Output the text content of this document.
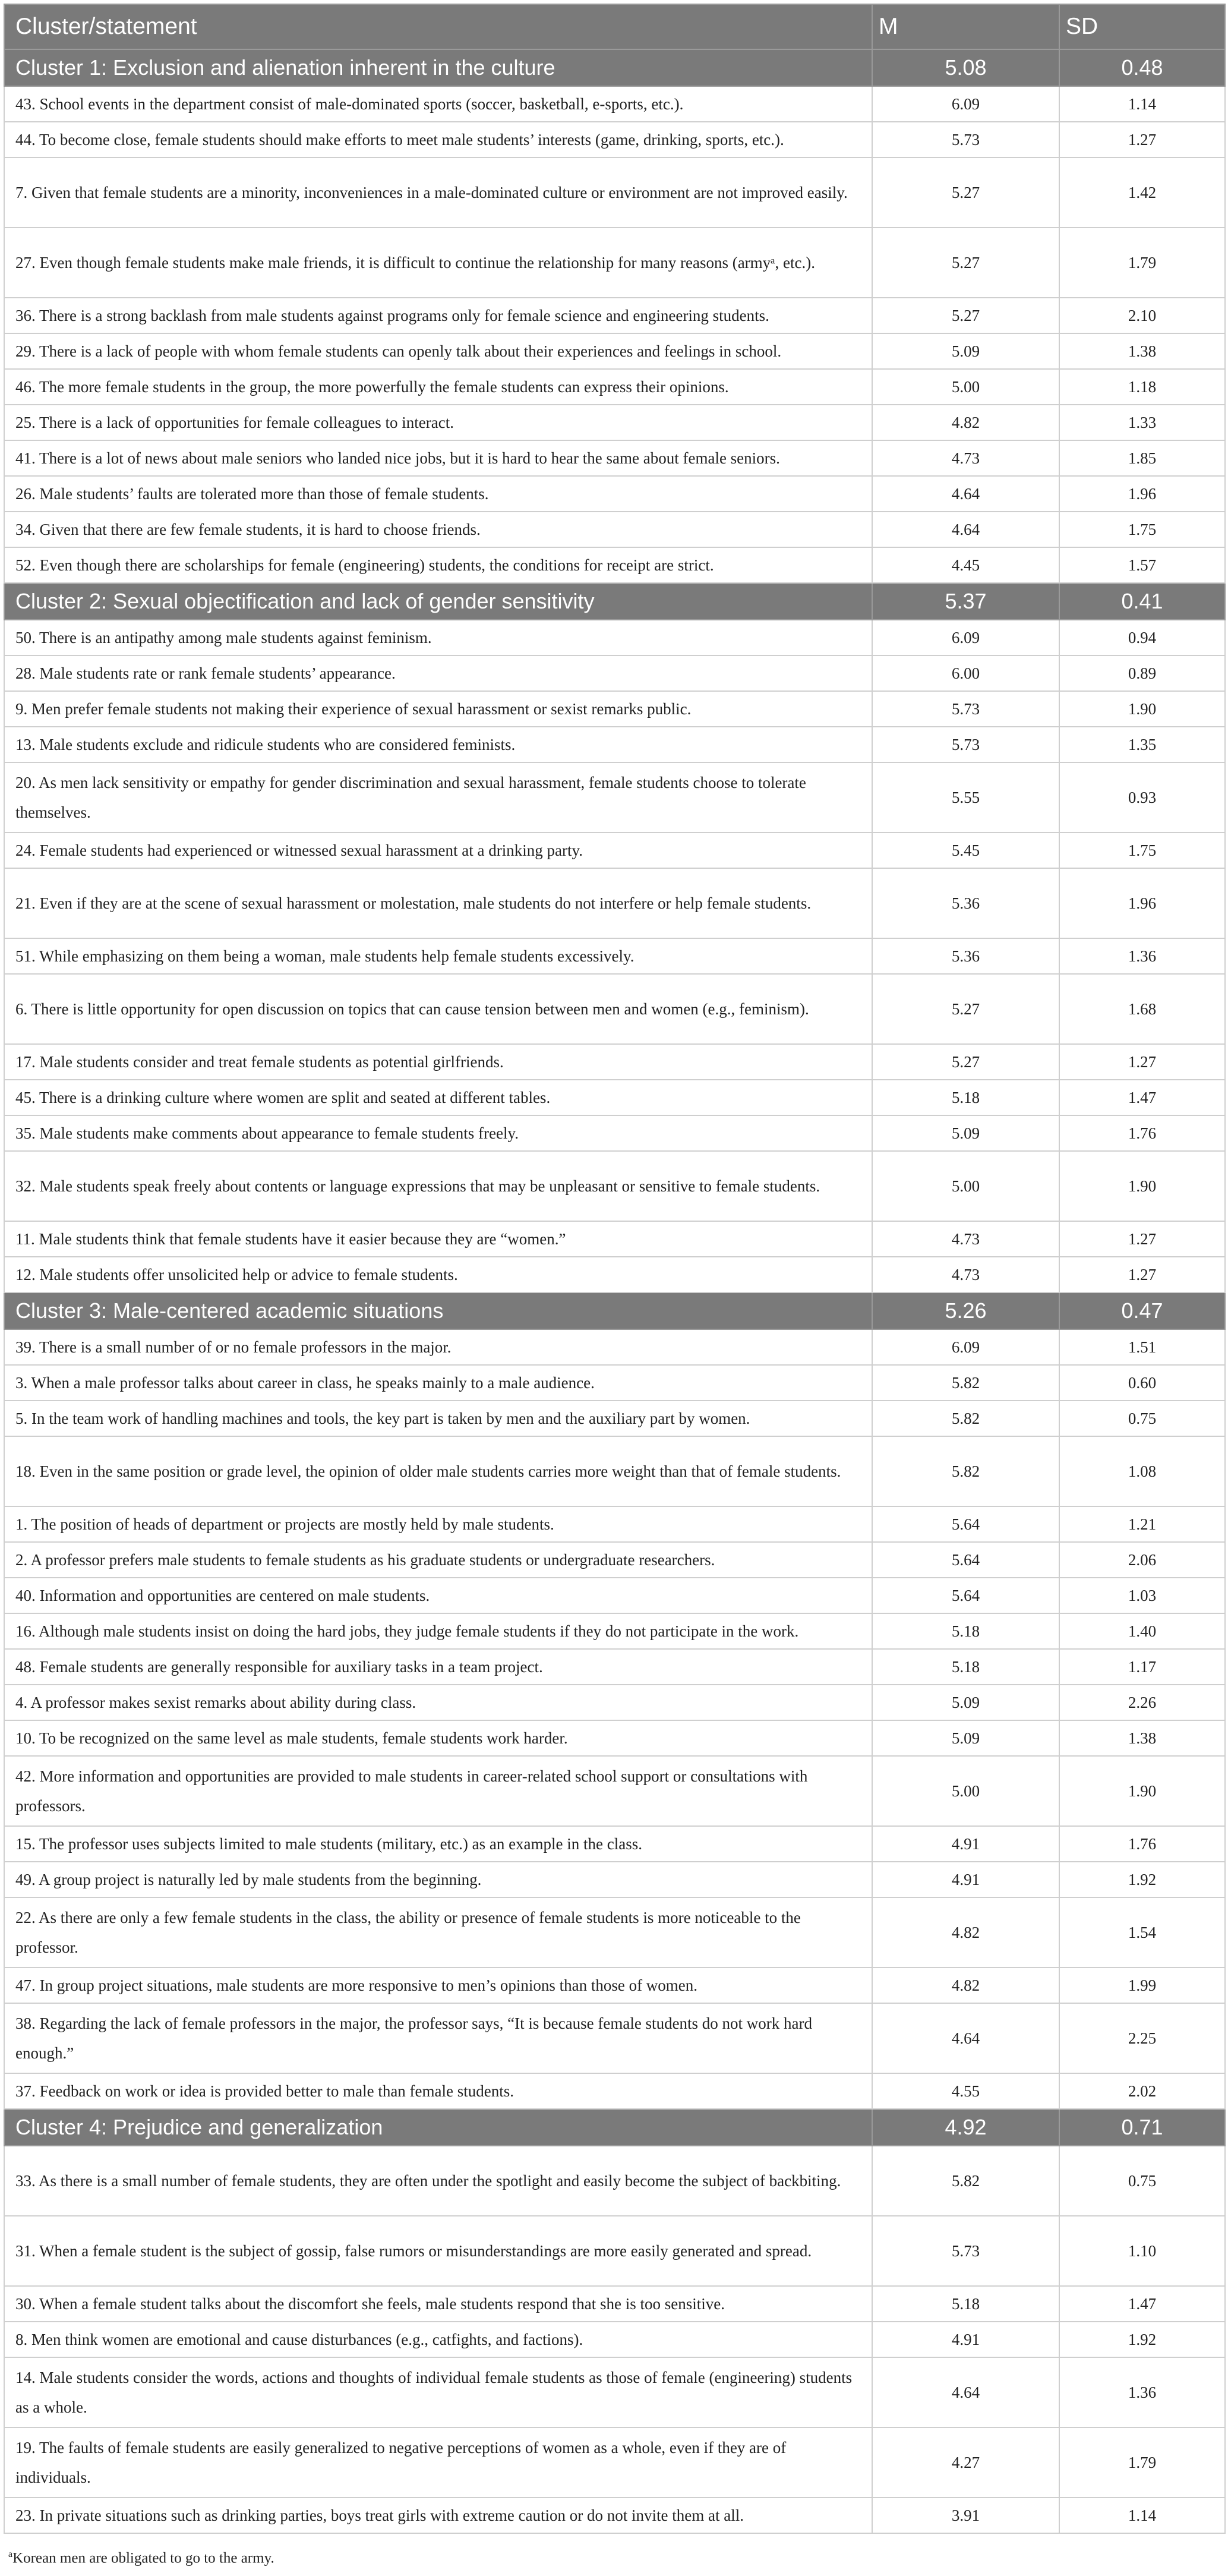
Cluster/statement	M	SD
Cluster 1: Exclusion and alienation inherent in the culture	5.08	0.48
43. School events in the department consist of male-dominated sports (soccer, basketball, e-sports, etc.).	6.09	1.14
44. To become close, female students should make efforts to meet male students’ interests (game, drinking, sports, etc.).	5.73	1.27
7. Given that female students are a minority, inconveniences in a male-dominated culture or environment are not improved easily.	5.27	1.42
27. Even though female students make male friends, it is difficult to continue the relationship for many reasons (armyᵃ, etc.).	5.27	1.79
36. There is a strong backlash from male students against programs only for female science and engineering students.	5.27	2.10
29. There is a lack of people with whom female students can openly talk about their experiences and feelings in school.	5.09	1.38
46. The more female students in the group, the more powerfully the female students can express their opinions.	5.00	1.18
25. There is a lack of opportunities for female colleagues to interact.	4.82	1.33
41. There is a lot of news about male seniors who landed nice jobs, but it is hard to hear the same about female seniors.	4.73	1.85
26. Male students’ faults are tolerated more than those of female students.	4.64	1.96
34. Given that there are few female students, it is hard to choose friends.	4.64	1.75
52. Even though there are scholarships for female (engineering) students, the conditions for receipt are strict.	4.45	1.57
Cluster 2: Sexual objectification and lack of gender sensitivity	5.37	0.41
50. There is an antipathy among male students against feminism.	6.09	0.94
28. Male students rate or rank female students’ appearance.	6.00	0.89
9. Men prefer female students not making their experience of sexual harassment or sexist remarks public.	5.73	1.90
13. Male students exclude and ridicule students who are considered feminists.	5.73	1.35
20. As men lack sensitivity or empathy for gender discrimination and sexual harassment, female students choose to tolerate themselves.	5.55	0.93
24. Female students had experienced or witnessed sexual harassment at a drinking party.	5.45	1.75
21. Even if they are at the scene of sexual harassment or molestation, male students do not interfere or help female students.	5.36	1.96
51. While emphasizing on them being a woman, male students help female students excessively.	5.36	1.36
6. There is little opportunity for open discussion on topics that can cause tension between men and women (e.g., feminism).	5.27	1.68
17. Male students consider and treat female students as potential girlfriends.	5.27	1.27
45. There is a drinking culture where women are split and seated at different tables.	5.18	1.47
35. Male students make comments about appearance to female students freely.	5.09	1.76
32. Male students speak freely about contents or language expressions that may be unpleasant or sensitive to female students.	5.00	1.90
11. Male students think that female students have it easier because they are “women.”	4.73	1.27
12. Male students offer unsolicited help or advice to female students.	4.73	1.27
Cluster 3: Male-centered academic situations	5.26	0.47
39. There is a small number of or no female professors in the major.	6.09	1.51
3. When a male professor talks about career in class, he speaks mainly to a male audience.	5.82	0.60
5. In the team work of handling machines and tools, the key part is taken by men and the auxiliary part by women.	5.82	0.75
18. Even in the same position or grade level, the opinion of older male students carries more weight than that of female students.	5.82	1.08
1. The position of heads of department or projects are mostly held by male students.	5.64	1.21
2. A professor prefers male students to female students as his graduate students or undergraduate researchers.	5.64	2.06
40. Information and opportunities are centered on male students.	5.64	1.03
16. Although male students insist on doing the hard jobs, they judge female students if they do not participate in the work.	5.18	1.40
48. Female students are generally responsible for auxiliary tasks in a team project.	5.18	1.17
4. A professor makes sexist remarks about ability during class.	5.09	2.26
10. To be recognized on the same level as male students, female students work harder.	5.09	1.38
42. More information and opportunities are provided to male students in career-related school support or consultations with professors.	5.00	1.90
15. The professor uses subjects limited to male students (military, etc.) as an example in the class.	4.91	1.76
49. A group project is naturally led by male students from the beginning.	4.91	1.92
22. As there are only a few female students in the class, the ability or presence of female students is more noticeable to the professor.	4.82	1.54
47. In group project situations, male students are more responsive to men’s opinions than those of women.	4.82	1.99
38. Regarding the lack of female professors in the major, the professor says, “It is because female students do not work hard enough.”	4.64	2.25
37. Feedback on work or idea is provided better to male than female students.	4.55	2.02
Cluster 4: Prejudice and generalization	4.92	0.71
33. As there is a small number of female students, they are often under the spotlight and easily become the subject of backbiting.	5.82	0.75
31. When a female student is the subject of gossip, false rumors or misunderstandings are more easily generated and spread.	5.73	1.10
30. When a female student talks about the discomfort she feels, male students respond that she is too sensitive.	5.18	1.47
8. Men think women are emotional and cause disturbances (e.g., catfights, and factions).	4.91	1.92
14. Male students consider the words, actions and thoughts of individual female students as those of female (engineering) students as a whole.	4.64	1.36
19. The faults of female students are easily generalized to negative perceptions of women as a whole, even if they are of individuals.	4.27	1.79
23. In private situations such as drinking parties, boys treat girls with extreme caution or do not invite them at all.	3.91	1.14
$^a$Korean men are obligated to go to the army.
